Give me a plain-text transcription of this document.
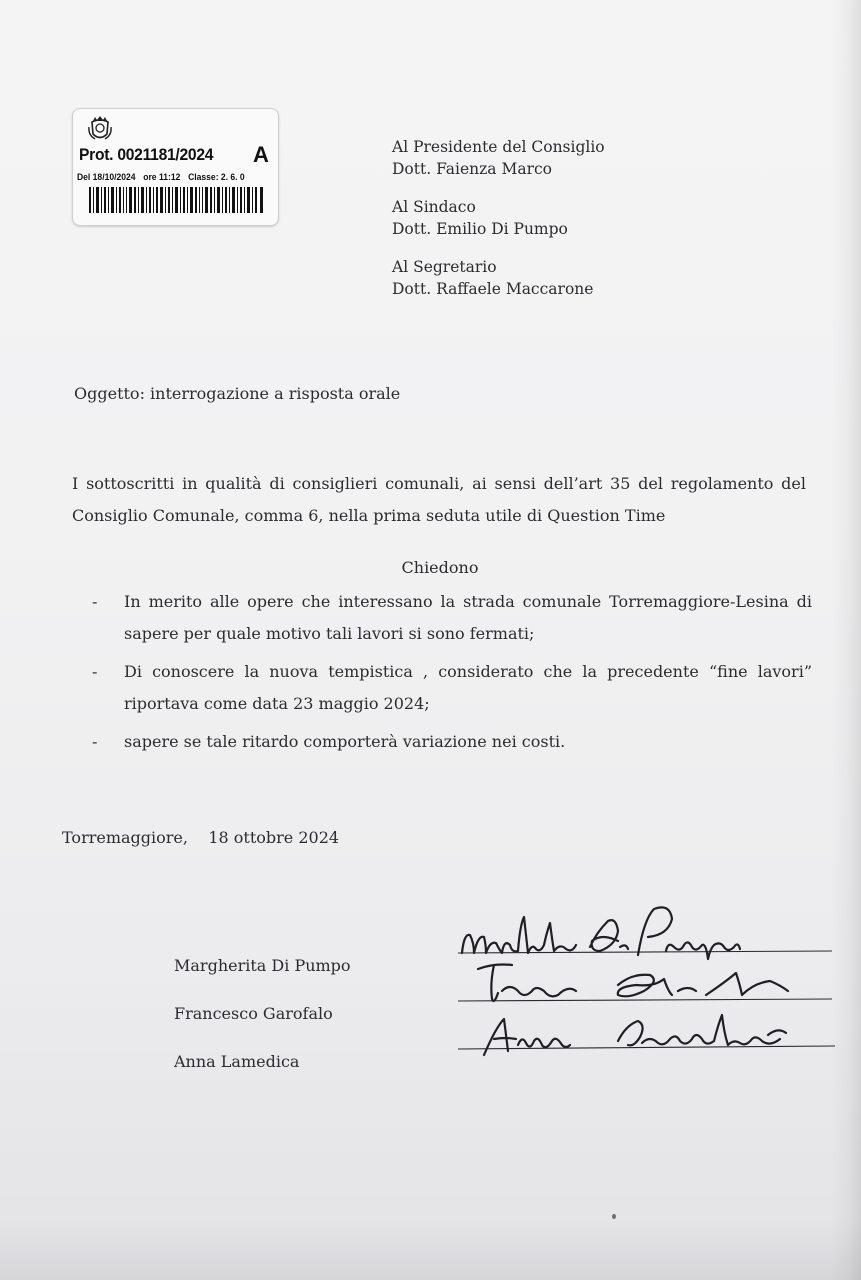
Prot. 0021181/2024 A
Del 18/10/2024 ore 11:12 Classe: 2. 6. 0
Al Presidente del Consiglio
Dott. Faienza Marco
Al Sindaco
Dott. Emilio Di Pumpo
Al Segretario
Dott. Raffaele Maccarone
Oggetto: interrogazione a risposta orale
I sottoscritti in qualità di consiglieri comunali, ai sensi dell’art 35 del regolamento del Consiglio Comunale, comma 6, nella prima seduta utile di Question Time
Chiedono
- In merito alle opere che interessano la strada comunale Torremaggiore-Lesina di sapere per quale motivo tali lavori si sono fermati;
- Di conoscere la nuova tempistica , considerato che la precedente “fine lavori” riportava come data 23 maggio 2024;
- sapere se tale ritardo comporterà variazione nei costi.
Torremaggiore, 18 ottobre 2024
Margherita Di Pumpo
Francesco Garofalo
Anna Lamedica
